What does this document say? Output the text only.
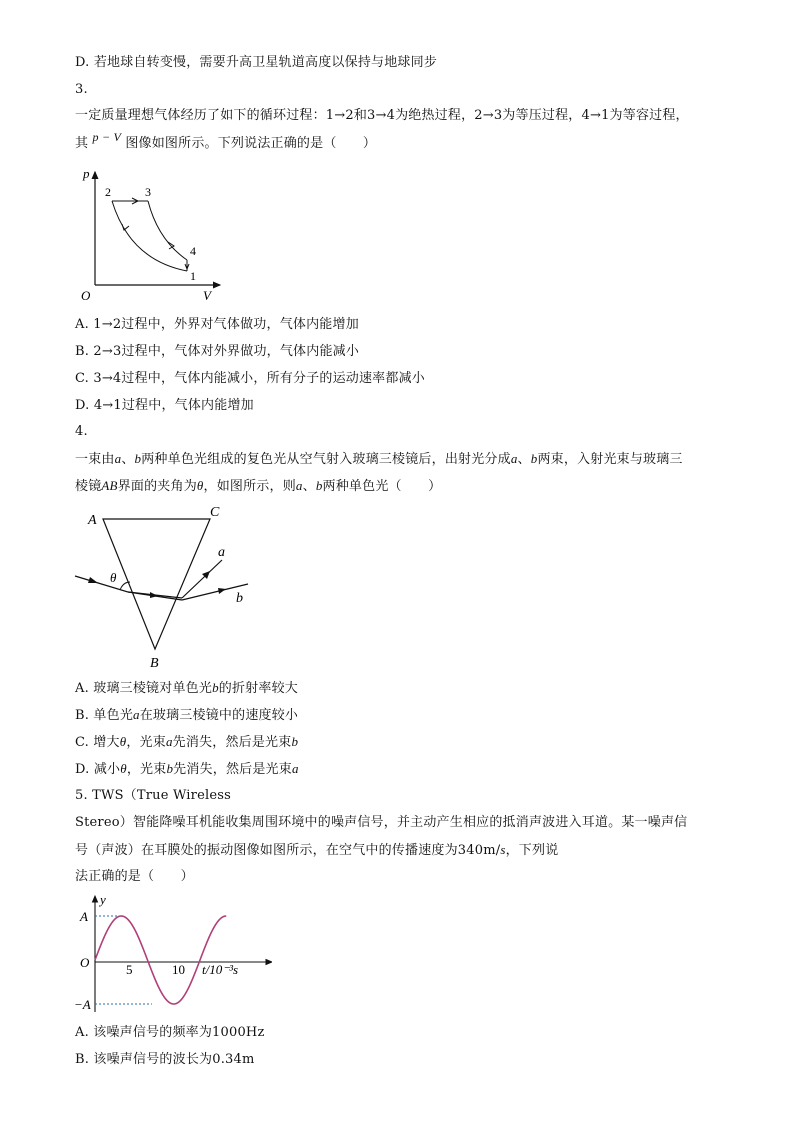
D. 若地球自转变慢，需要升高卫星轨道高度以保持与地球同步
3.
一定质量理想气体经历了如下的循环过程：1→2和3→4为绝热过程，2→3为等压过程，4→1为等容过程，
其 p − V 图像如图所示。下列说法正确的是（　　）
p
V
O
2	3
4
1
A. 1→2过程中，外界对气体做功，气体内能增加
B. 2→3过程中，气体对外界做功，气体内能减小
C. 3→4过程中，气体内能减小，所有分子的运动速率都减小
D. 4→1过程中，气体内能增加
4.
一束由a、b两种单色光组成的复色光从空气射入玻璃三棱镜后，出射光分成a、b两束，入射光束与玻璃三
棱镜AB界面的夹角为θ，如图所示，则a、b两种单色光（　　）
A
C
B
θ
a
b
A. 玻璃三棱镜对单色光b的折射率较大
B. 单色光a在玻璃三棱镜中的速度较小
C. 增大θ，光束a先消失，然后是光束b
D. 减小θ，光束b先消失，然后是光束a
5. TWS（True Wireless
Stereo）智能降噪耳机能收集周围环境中的噪声信号，并主动产生相应的抵消声波进入耳道。某一噪声信
号（声波）在耳膜处的振动图像如图所示，在空气中的传播速度为340m/s，下列说
法正确的是（　　）
y
A
−A
O	5	10 t/10⁻³s
A. 该噪声信号的频率为1000Hz
B. 该噪声信号的波长为0.34m
